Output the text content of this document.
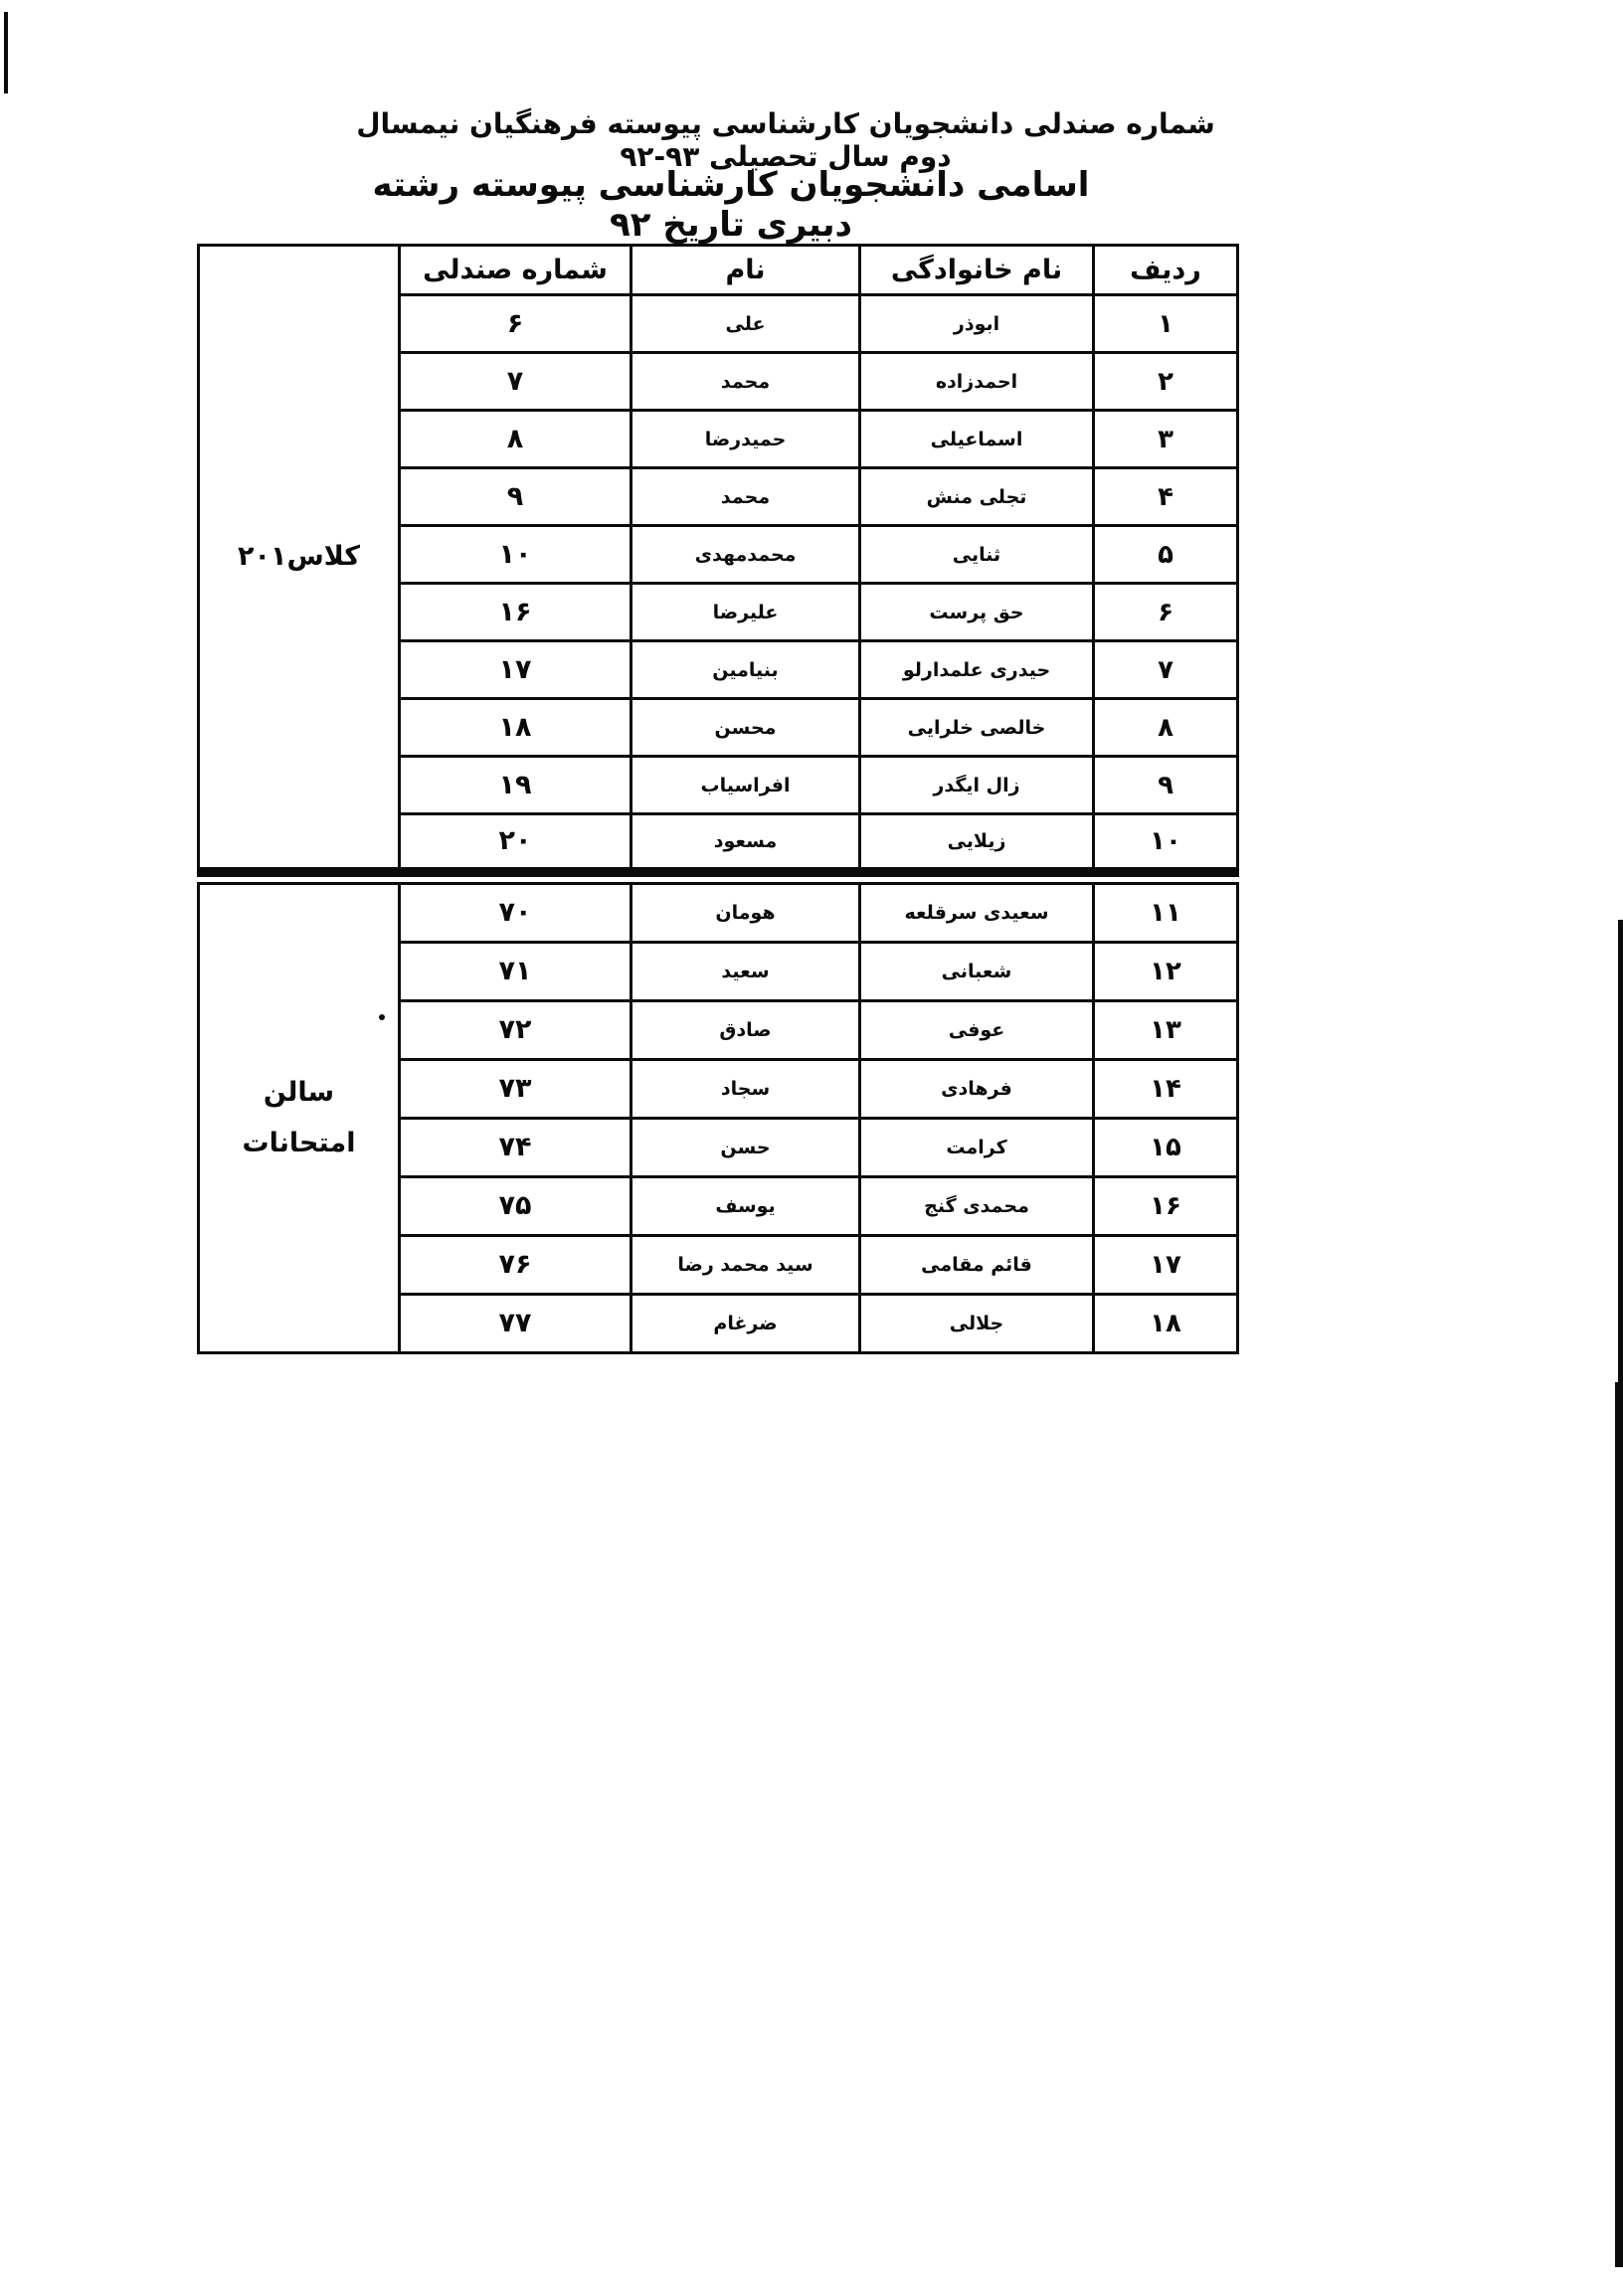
شماره صندلی دانشجویان کارشناسی پیوسته فرهنگیان نیمسال دوم سال تحصیلی ۹۳-۹۲
اسامی دانشجویان کارشناسی پیوسته رشته دبیری تاریخ ۹۲
ردیف	نام خانوادگی	نام	شماره صندلی	کلاس۲۰۱

۱	ابوذر	علی	۶	
۲	احمدزاده	محمد	۷	
۳	اسماعیلی	حمیدرضا	۸	
۴	تجلی منش	محمد	۹	
۵	ثنایی	محمدمهدی	۱۰	
۶	حق پرست	علیرضا	۱۶	
۷	حیدری علمدارلو	بنیامین	۱۷	
۸	خالصی خلرایی	محسن	۱۸	
۹	زال ایگدر	افراسیاب	۱۹	
۱۰	زیلایی	مسعود	۲۰	
۱۱	سعیدی سرقلعه	هومان	۷۰	سالن
امتحانات

۱۲	شعبانی	سعید	۷۱	
۱۳	عوفی	صادق	۷۲	
۱۴	فرهادی	سجاد	۷۳	
۱۵	کرامت	حسن	۷۴	
۱۶	محمدی گنج	یوسف	۷۵	
۱۷	قائم مقامی	سید محمد رضا	۷۶	
۱۸	جلالی	ضرغام	۷۷	
